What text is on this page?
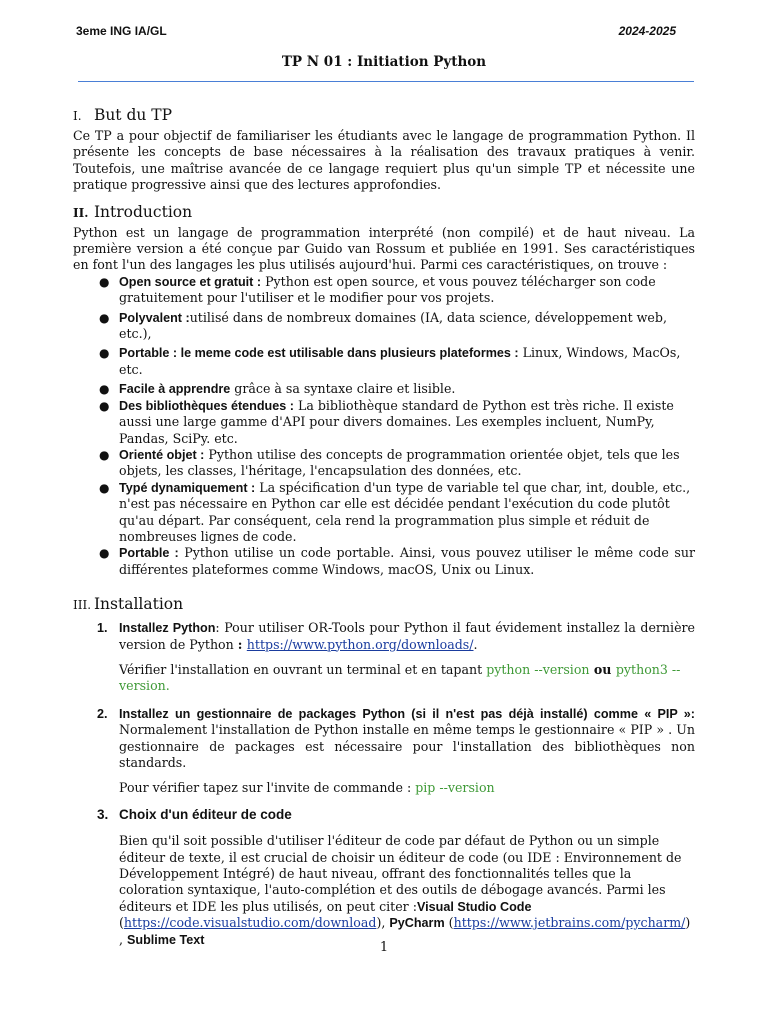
3eme ING IA/GL	2024-2025
TP N 01 : Initiation Python
I. But du TP

Ce TP a pour objectif de familiariser les étudiants avec le langage de programmation Python. Il présente les concepts de base nécessaires à la réalisation des travaux pratiques à venir. Toutefois, une maîtrise avancée de ce langage requiert plus qu'un simple TP et nécessite une pratique progressive ainsi que des lectures approfondies.

II. Introduction

Python est un langage de programmation interprété (non compilé) et de haut niveau. La première version a été conçue par Guido van Rossum et publiée en 1991. Ses caractéristiques en font l'un des langages les plus utilisés aujourd'hui. Parmi ces caractéristiques, on trouve :

● Open source et gratuit : Python est open source, et vous pouvez télécharger son code gratuitement pour l'utiliser et le modifier pour vos projets.
● Polyvalent :utilisé dans de nombreux domaines (IA, data science, développement web, etc.),
● Portable : le meme code est utilisable dans plusieurs plateformes : Linux, Windows, MacOs, etc.
● Facile à apprendre grâce à sa syntaxe claire et lisible.
● Des bibliothèques étendues : La bibliothèque standard de Python est très riche. Il existe aussi une large gamme d'API pour divers domaines. Les exemples incluent, NumPy, Pandas, SciPy. etc.
● Orienté objet : Python utilise des concepts de programmation orientée objet, tels que les objets, les classes, l'héritage, l'encapsulation des données, etc.
● Typé dynamiquement : La spécification d'un type de variable tel que char, int, double, etc., n'est pas nécessaire en Python car elle est décidée pendant l'exécution du code plutôt qu'au départ. Par conséquent, cela rend la programmation plus simple et réduit de nombreuses lignes de code.
● Portable : Python utilise un code portable. Ainsi, vous pouvez utiliser le même code sur différentes plateformes comme Windows, macOS, Unix ou Linux.
III. Installation
1. Installez Python: Pour utiliser OR-Tools pour Python il faut évidement installez la dernière version de Python : https://www.python.org/downloads/.

Vérifier l'installation en ouvrant un terminal et en tapant python --version ou python3 --version.

2. Installez un gestionnaire de packages Python (si il n'est pas déjà installé) comme « PIP »: Normalement l'installation de Python installe en même temps le gestionnaire « PIP » . Un gestionnaire de packages est nécessaire pour l'installation des bibliothèques non standards.

Pour vérifier tapez sur l'invite de commande : pip --version

3. Choix d'un éditeur de code

Bien qu'il soit possible d'utiliser l'éditeur de code par défaut de Python ou un simple éditeur de texte, il est crucial de choisir un éditeur de code (ou IDE : Environnement de Développement Intégré) de haut niveau, offrant des fonctionnalités telles que la coloration syntaxique, l'auto-complétion et des outils de débogage avancés. Parmi les éditeurs et IDE les plus utilisés, on peut citer :Visual Studio Code (https://code.visualstudio.com/download), PyCharm (https://www.jetbrains.com/pycharm/) , Sublime Text

1
